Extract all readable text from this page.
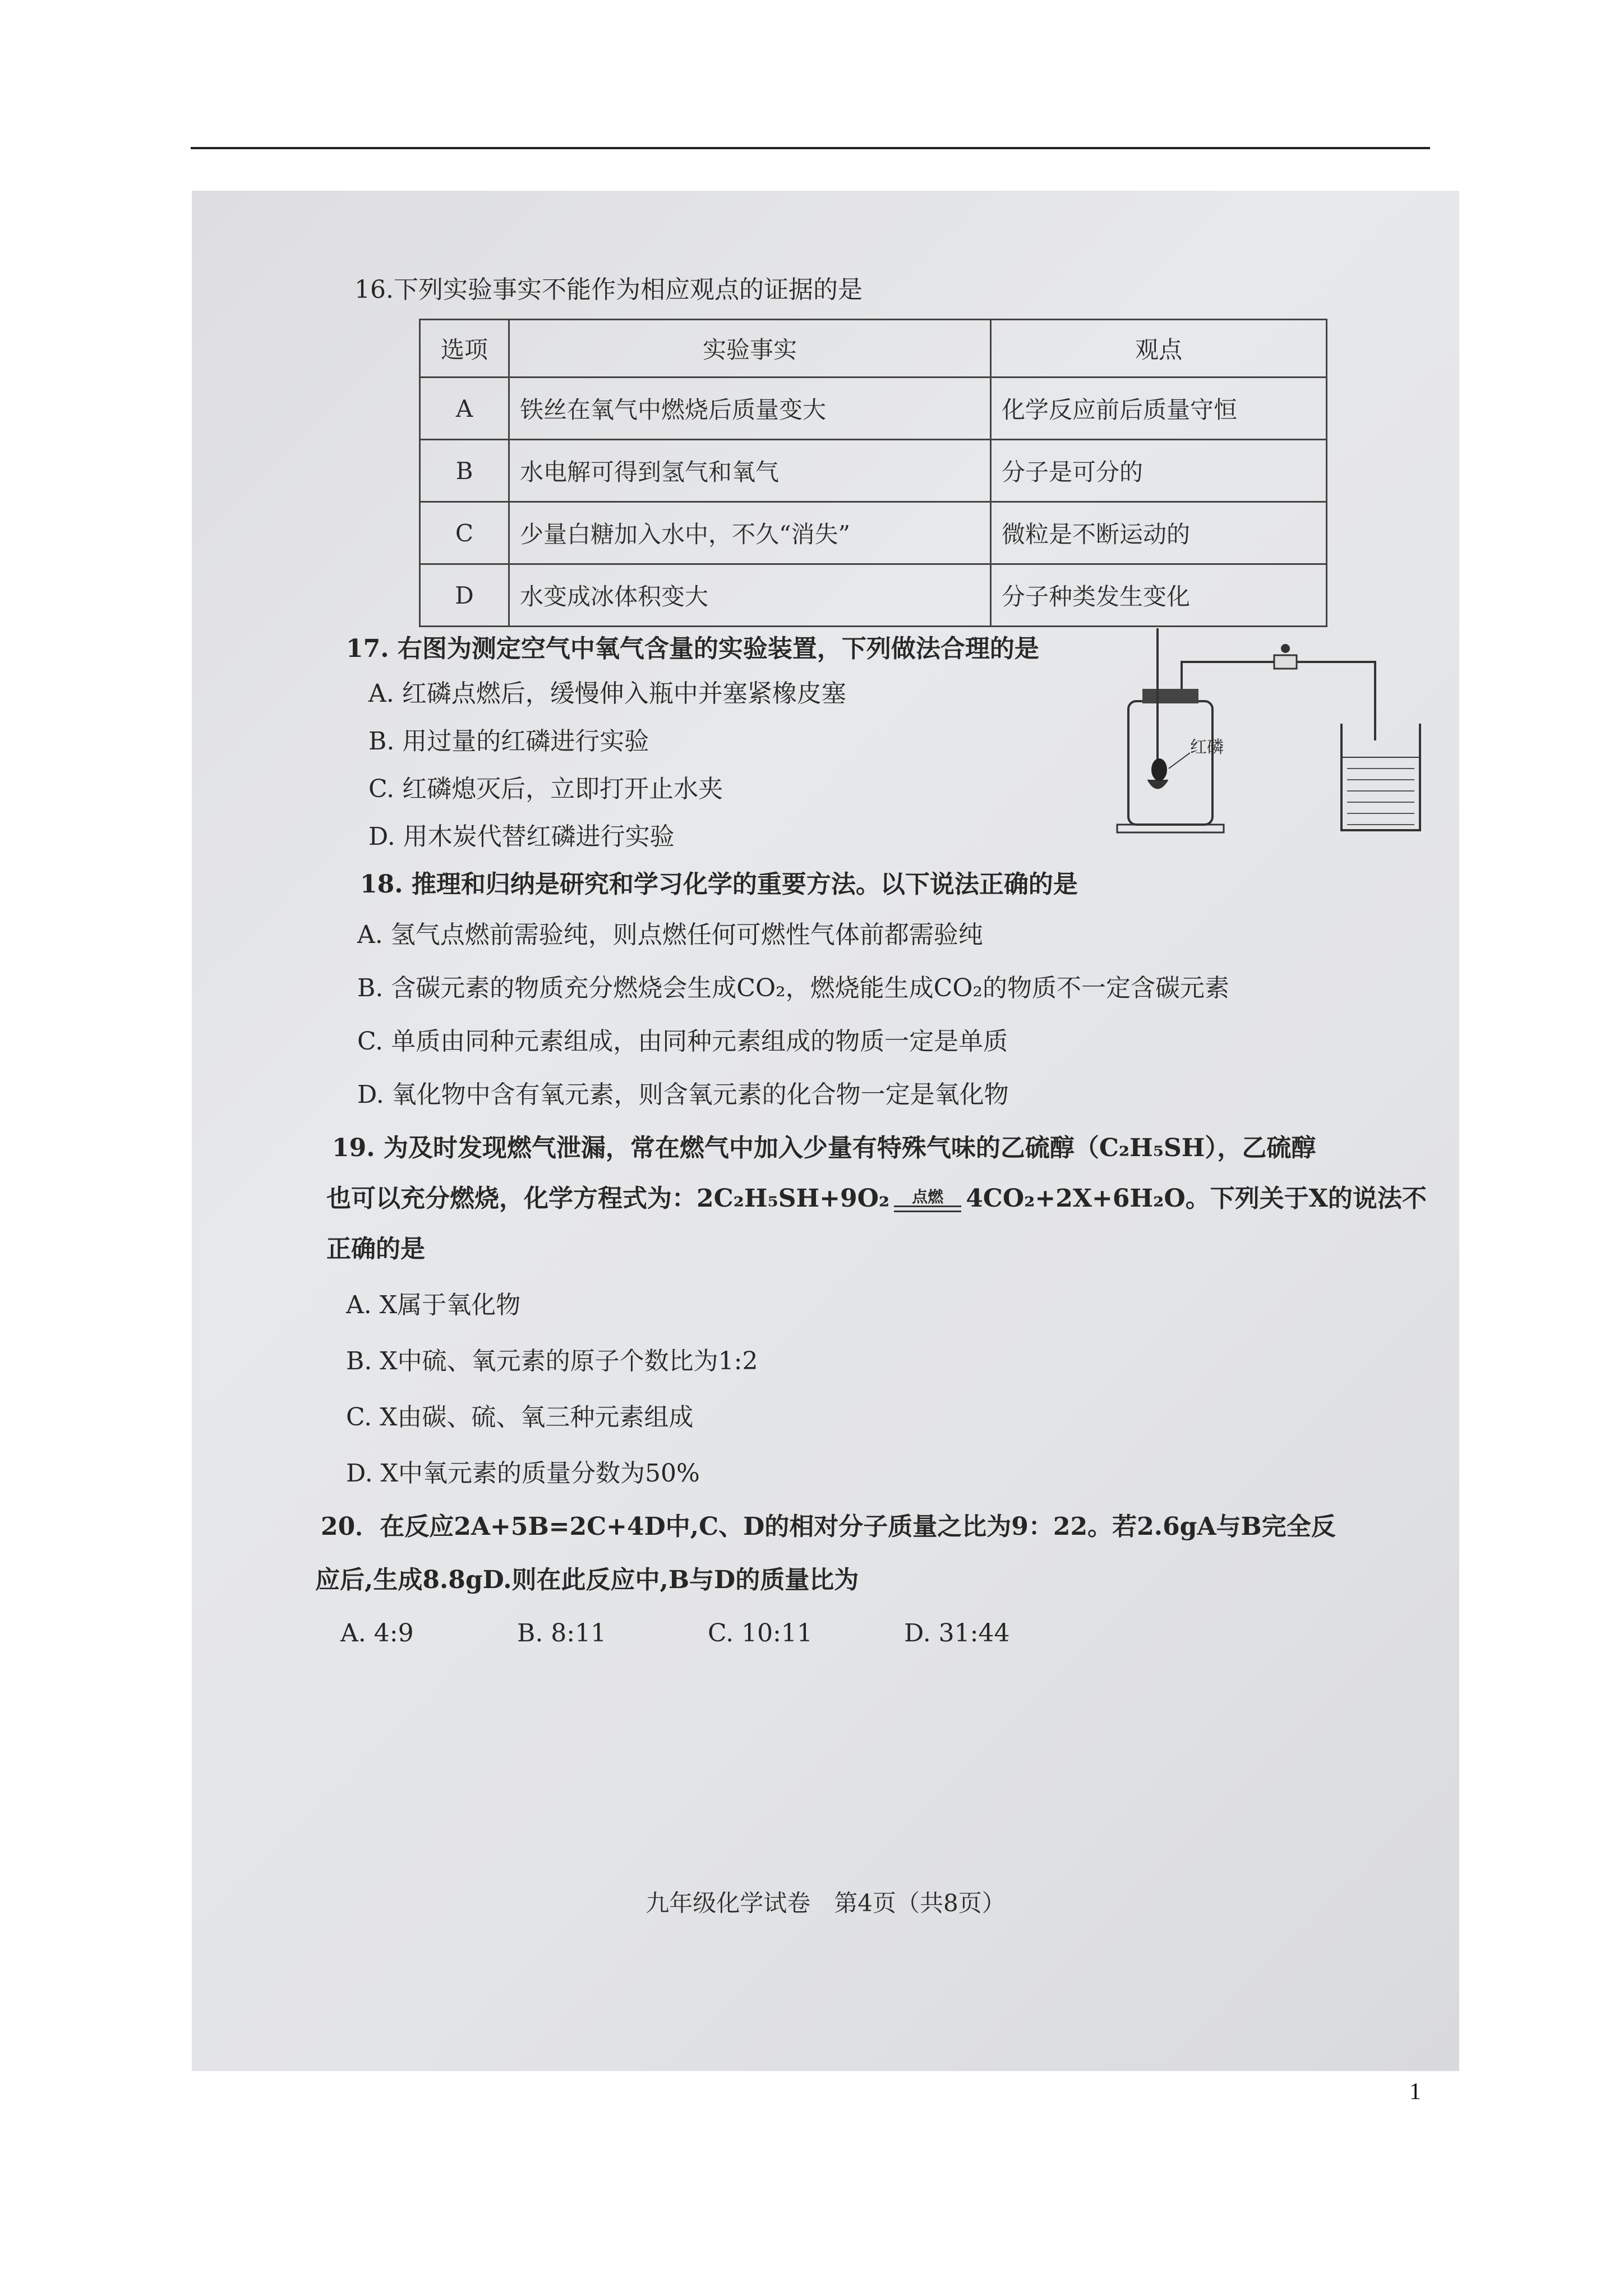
16.下列实验事实不能作为相应观点的证据的是
选项	实验事实	观点
A	铁丝在氧气中燃烧后质量变大	化学反应前后质量守恒
B	水电解可得到氢气和氧气	分子是可分的
C	少量白糖加入水中，不久“消失”	微粒是不断运动的
D	水变成冰体积变大	分子种类发生变化
17. 右图为测定空气中氧气含量的实验装置，下列做法合理的是
A. 红磷点燃后，缓慢伸入瓶中并塞紧橡皮塞
B. 用过量的红磷进行实验
C. 红磷熄灭后，立即打开止水夹
D. 用木炭代替红磷进行实验
红磷
18. 推理和归纳是研究和学习化学的重要方法。以下说法正确的是
A. 氢气点燃前需验纯，则点燃任何可燃性气体前都需验纯
B. 含碳元素的物质充分燃烧会生成CO₂，燃烧能生成CO₂的物质不一定含碳元素
C. 单质由同种元素组成，由同种元素组成的物质一定是单质
D. 氧化物中含有氧元素，则含氧元素的化合物一定是氧化物
19. 为及时发现燃气泄漏，常在燃气中加入少量有特殊气味的乙硫醇（C₂H₅SH），乙硫醇
也可以充分燃烧，化学方程式为：2C₂H₅SH+9O₂	点燃 4CO₂+2X+6H₂O。下列关于X的说法不
正确的是
A. X属于氧化物
B. X中硫、氧元素的原子个数比为1:2
C. X由碳、硫、氧三种元素组成
D. X中氧元素的质量分数为50%
20．在反应2A+5B=2C+4D中,C、D的相对分子质量之比为9：22。若2.6gA与B完全反
应后,生成8.8gD.则在此反应中,B与D的质量比为
A. 4:9	B. 8:11	C. 10:11	D. 31:44
九年级化学试卷　第4页（共8页）
1
